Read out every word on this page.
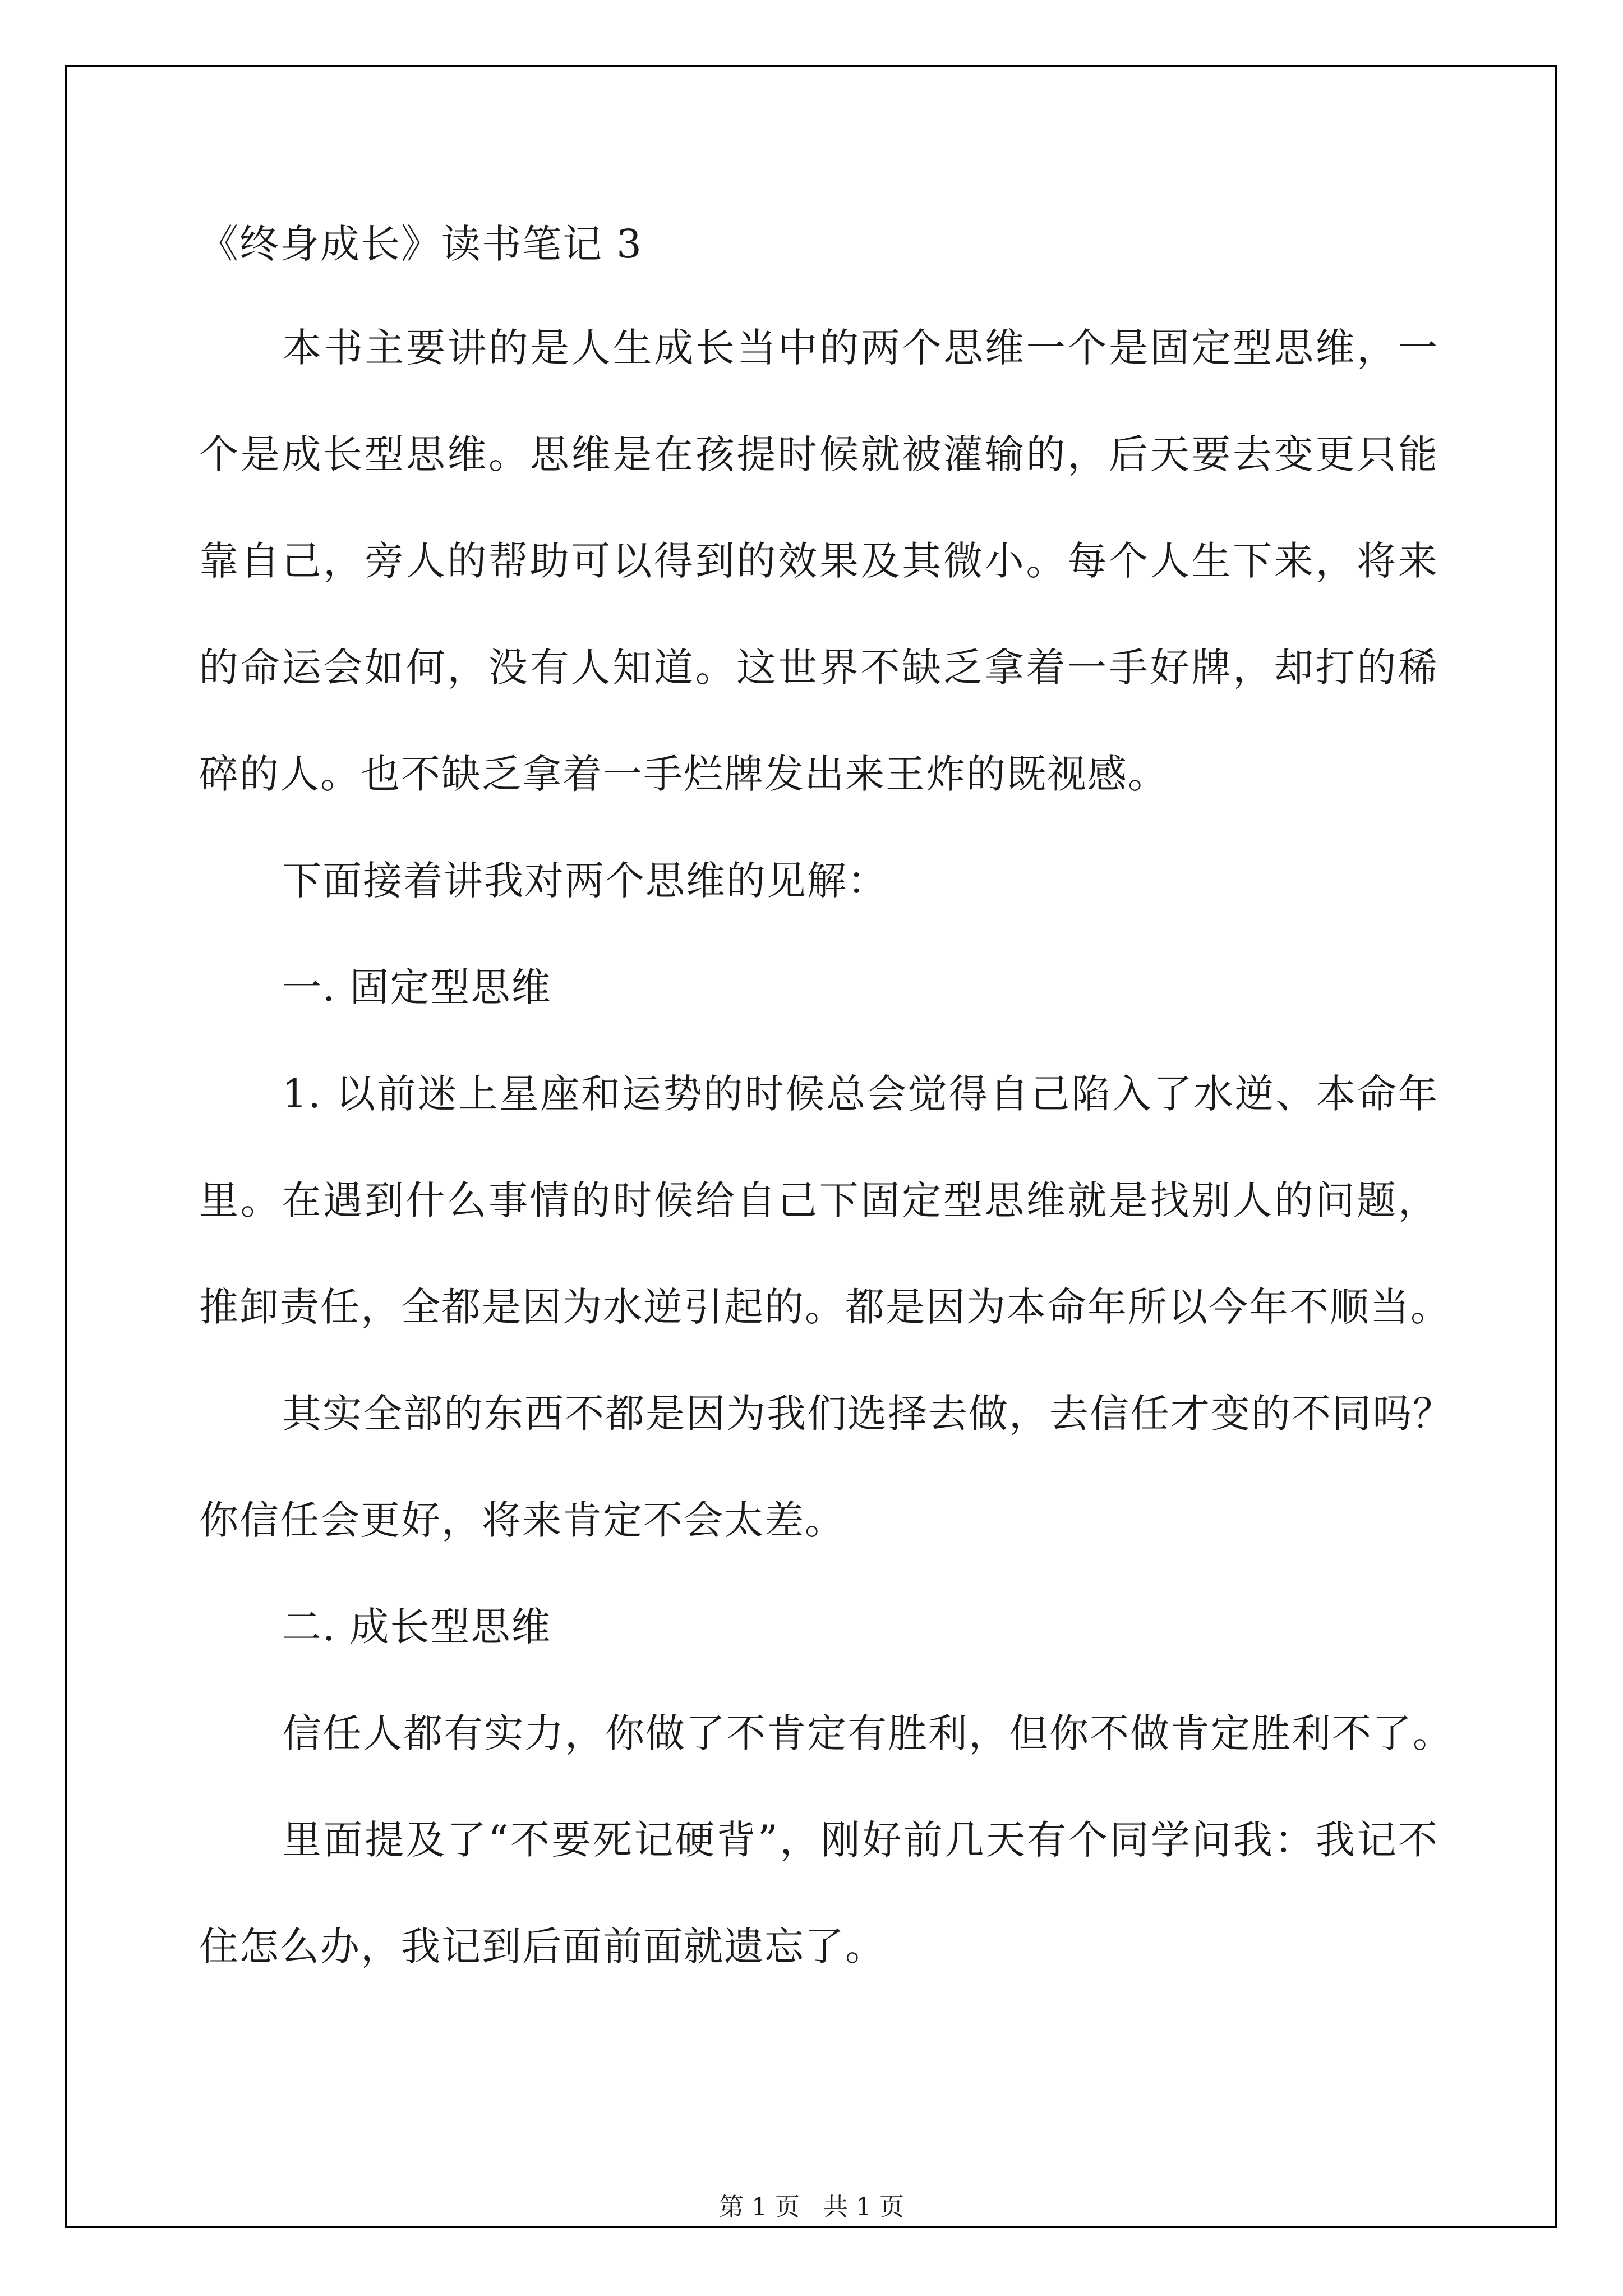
《终身成长》读书笔记 3
本书主要讲的是人生成长当中的两个思维一个是固定型思维，一
个是成长型思维。思维是在孩提时候就被灌输的，后天要去变更只能
靠自己，旁人的帮助可以得到的效果及其微小。每个人生下来，将来
的命运会如何，没有人知道。这世界不缺乏拿着一手好牌，却打的稀
碎的人。也不缺乏拿着一手烂牌发出来王炸的既视感。
下面接着讲我对两个思维的见解：
一. 固定型思维
1. 以前迷上星座和运势的时候总会觉得自己陷入了水逆、本命年
里。在遇到什么事情的时候给自己下固定型思维就是找别人的问题，
推卸责任，全都是因为水逆引起的。都是因为本命年所以今年不顺当。
其实全部的东西不都是因为我们选择去做，去信任才变的不同吗？
你信任会更好，将来肯定不会太差。
二. 成长型思维
信任人都有实力，你做了不肯定有胜利，但你不做肯定胜利不了。
里面提及了“不要死记硬背”，刚好前几天有个同学问我：我记不
住怎么办，我记到后面前面就遗忘了。
第 1 页   共 1 页
